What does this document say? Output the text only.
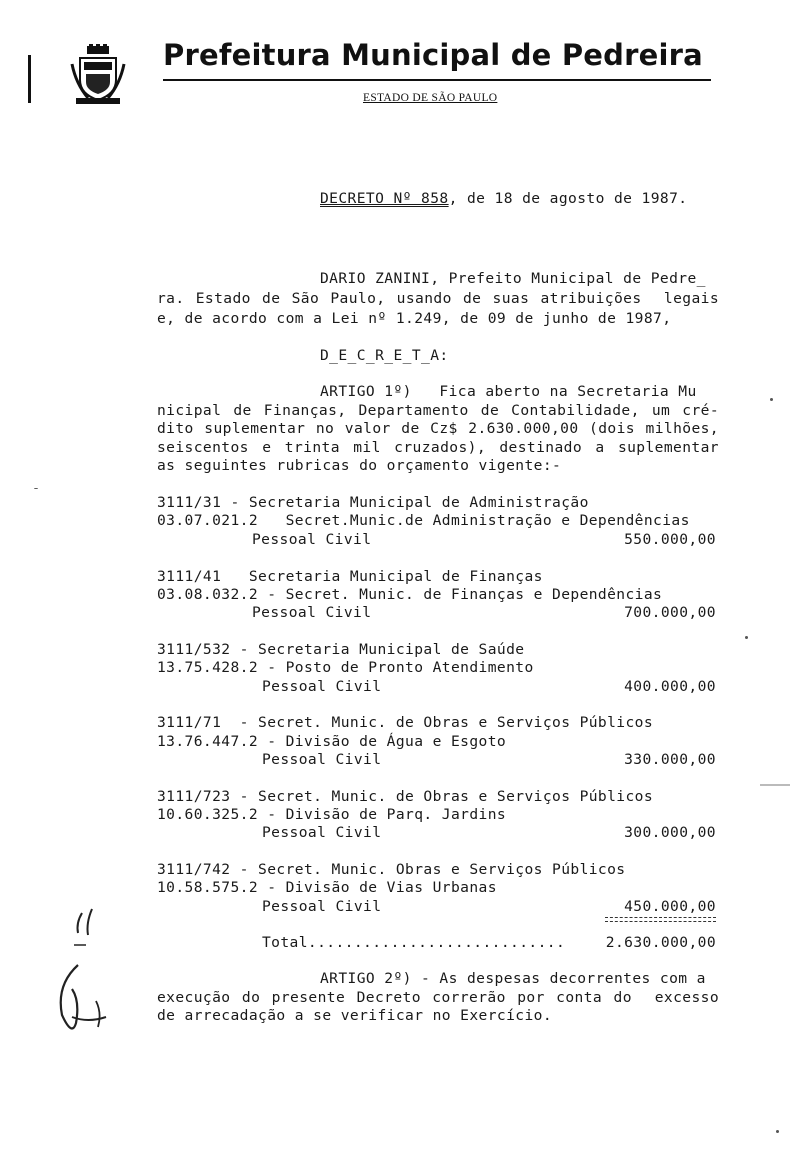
Prefeitura Municipal de Pedreira
ESTADO DE SÃO PAULO
DECRETO Nº 858, de 18 de agosto de 1987.
DARIO ZANINI, Prefeito Municipal de Pedre_
ra. Estado de São Paulo, usando de suas atribuições  legais
e, de acordo com a Lei nº 1.249, de 09 de junho de 1987,
D_E_C_R_E_T_A:
ARTIGO 1º)   Fica aberto na Secretaria Mu
nicipal de Finanças, Departamento de Contabilidade, um cré-
dito suplementar no valor de Cz$ 2.630.000,00 (dois milhões,
seiscentos e trinta mil cruzados), destinado a suplementar
as seguintes rubricas do orçamento vigente:-
3111/31 - Secretaria Municipal de Administração
03.07.021.2   Secret.Munic.de Administração e Dependências
Pessoal Civil	550.000,00
3111/41   Secretaria Municipal de Finanças
03.08.032.2 - Secret. Munic. de Finanças e Dependências
Pessoal Civil	700.000,00
3111/532 - Secretaria Municipal de Saúde
13.75.428.2 - Posto de Pronto Atendimento
Pessoal Civil	400.000,00
3111/71  - Secret. Munic. de Obras e Serviços Públicos
13.76.447.2 - Divisão de Água e Esgoto
Pessoal Civil	330.000,00
3111/723 - Secret. Munic. de Obras e Serviços Públicos
10.60.325.2 - Divisão de Parq. Jardins
Pessoal Civil	300.000,00
3111/742 - Secret. Munic. Obras e Serviços Públicos
10.58.575.2 - Divisão de Vias Urbanas
Pessoal Civil	450.000,00
Total............................	2.630.000,00
ARTIGO 2º) - As despesas decorrentes com a
execução do presente Decreto correrão por conta do  excesso
de arrecadação a se verificar no Exercício.
